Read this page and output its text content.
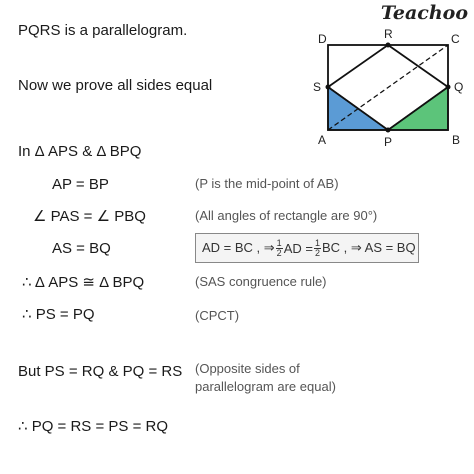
Teachoo
PQRS is a parallelogram.
Now we prove all sides equal
In Δ APS & Δ BPQ
AP = BP	(P is the mid-point of AB)
∠ PAS = ∠ PBQ	(All angles of rectangle are 90°)
AS = BQ	AD = BC , ⇒ $\frac{1}{2}$ AD = $\frac{1}{2}$ BC , ⇒ AS = BQ
∴ Δ APS ≅ Δ BPQ	(SAS congruence rule)
∴ PS = PQ	(CPCT)
But PS = RQ & PQ = RS (Opposite sides of
parallelogram are equal)
∴ PQ = RS = PS = RQ
D	R	C
S	Q
A	P	B
